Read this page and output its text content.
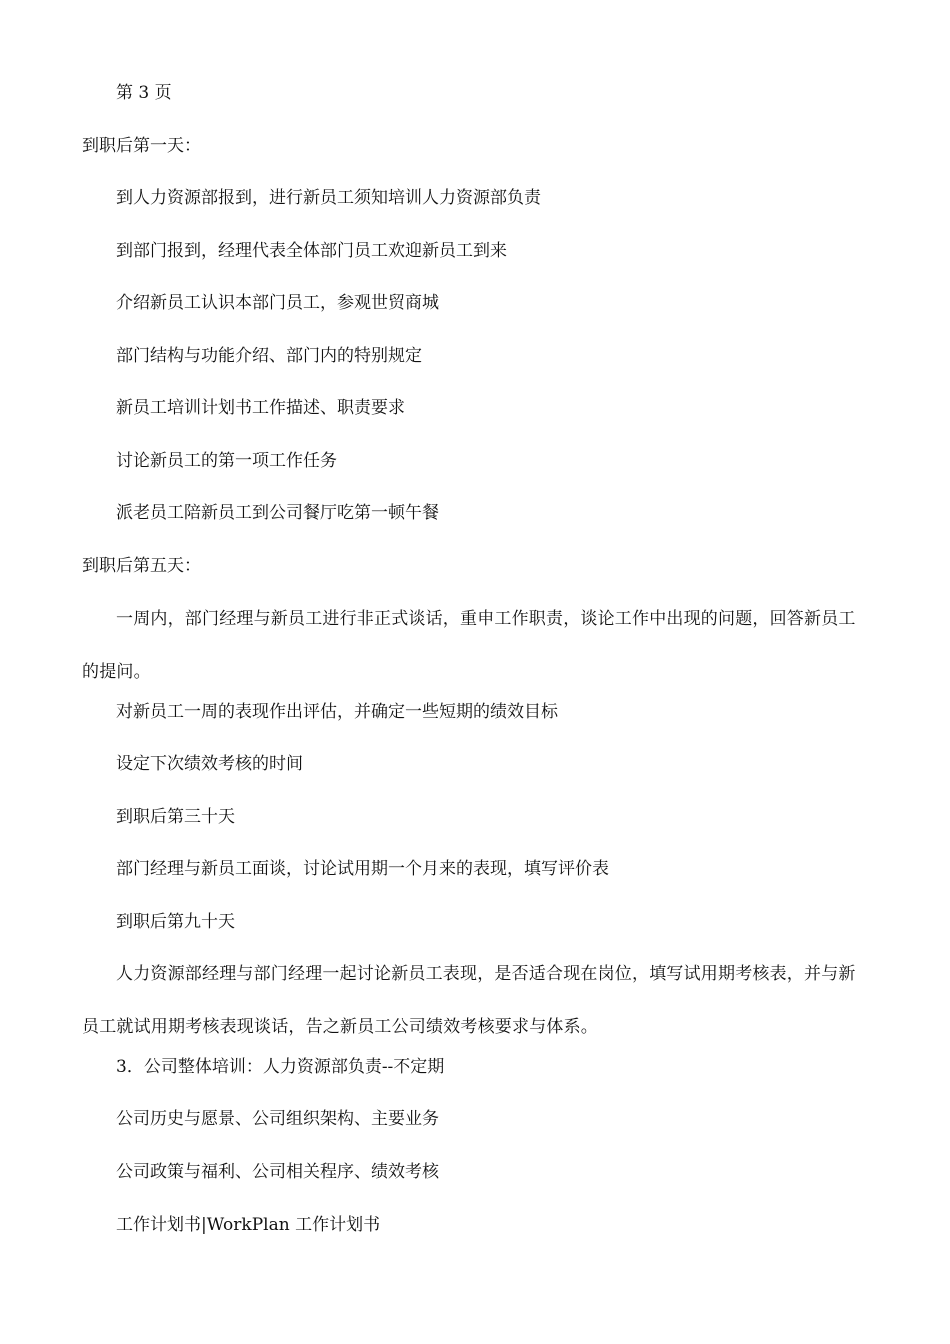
第 3 页
到职后第一天：
到人力资源部报到，进行新员工须知培训人力资源部负责
到部门报到，经理代表全体部门员工欢迎新员工到来
介绍新员工认识本部门员工，参观世贸商城
部门结构与功能介绍、部门内的特别规定
新员工培训计划书工作描述、职责要求
讨论新员工的第一项工作任务
派老员工陪新员工到公司餐厅吃第一顿午餐
到职后第五天：
一周内，部门经理与新员工进行非正式谈话，重申工作职责，谈论工作中出现的问题，回答新员工的提问。
对新员工一周的表现作出评估，并确定一些短期的绩效目标
设定下次绩效考核的时间
到职后第三十天
部门经理与新员工面谈，讨论试用期一个月来的表现，填写评价表
到职后第九十天
人力资源部经理与部门经理一起讨论新员工表现，是否适合现在岗位，填写试用期考核表，并与新员工就试用期考核表现谈话，告之新员工公司绩效考核要求与体系。
3．公司整体培训：人力资源部负责--不定期
公司历史与愿景、公司组织架构、主要业务
公司政策与福利、公司相关程序、绩效考核
工作计划书|WorkPlan 工作计划书
